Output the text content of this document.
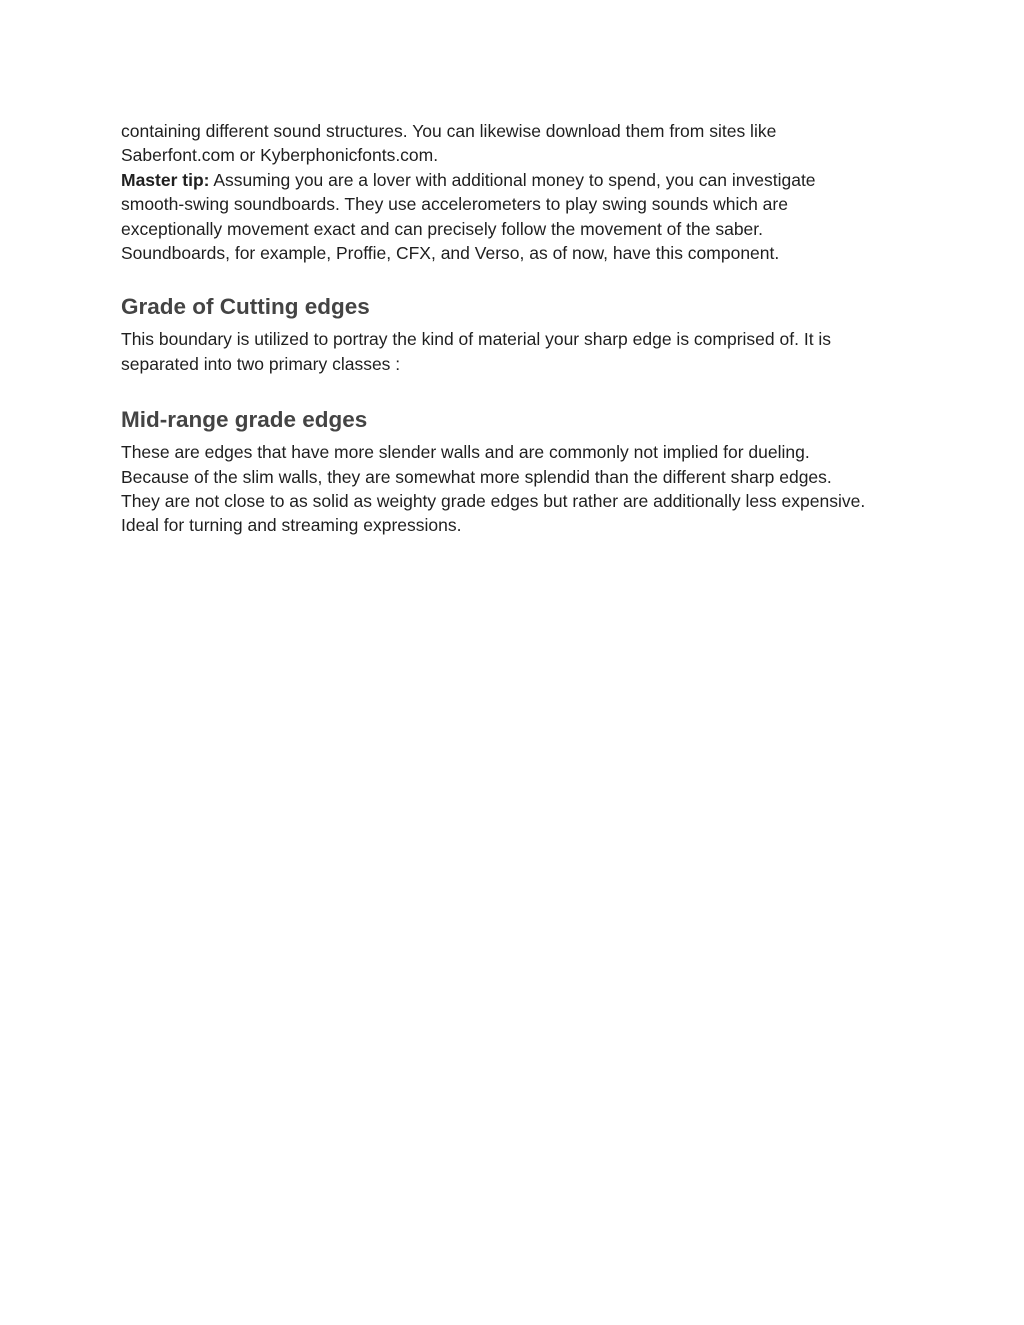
containing different sound structures. You can likewise download them from sites like
Saberfont.com or Kyberphonicfonts.com.

Master tip: Assuming you are a lover with additional money to spend, you can investigate
smooth-swing soundboards. They use accelerometers to play swing sounds which are
exceptionally movement exact and can precisely follow the movement of the saber.
Soundboards, for example, Proffie, CFX, and Verso, as of now, have this component.

Grade of Cutting edges

This boundary is utilized to portray the kind of material your sharp edge is comprised of. It is
separated into two primary classes :

Mid-range grade edges

These are edges that have more slender walls and are commonly not implied for dueling.
Because of the slim walls, they are somewhat more splendid than the different sharp edges.
They are not close to as solid as weighty grade edges but rather are additionally less expensive.
Ideal for turning and streaming expressions.
